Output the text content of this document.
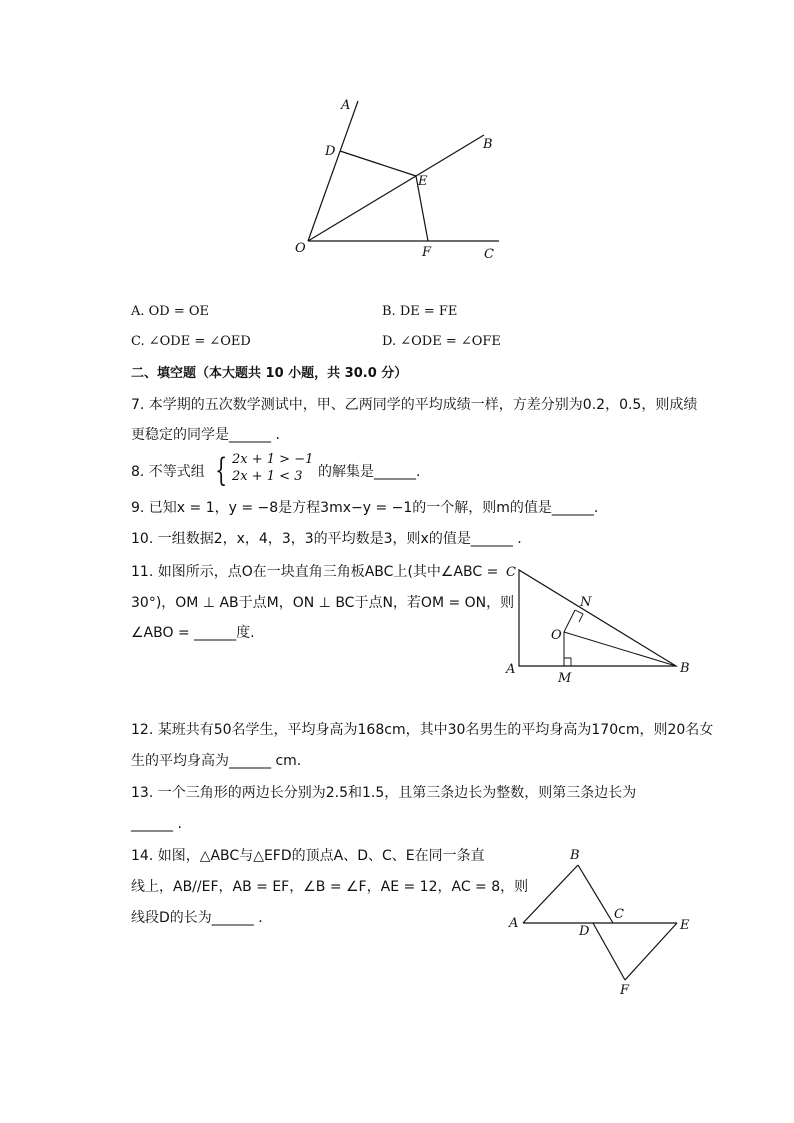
A
B
C
D
E
F
O
A. OD = OE	B. DE = FE
C. ∠ODE = ∠OED	D. ∠ODE = ∠OFE
二、填空题（本大题共 10 小题，共 30.0 分）
7. 本学期的五次数学测试中，甲、乙两同学的平均成绩一样，方差分别为0.2，0.5，则成绩
更稳定的同学是______ .
8. 不等式组 { 2x + 1 > −1
2x + 1 < 3 的解集是______.
9. 已知x = 1，y = −8是方程3mx−y = −1的一个解，则m的值是______.
10. 一组数据2，x，4，3，3的平均数是3，则x的值是______ .
11. 如图所示，点O在一块直角三角板ABC上(其中∠ABC =
30°)，OM ⊥ AB于点M，ON ⊥ BC于点N，若OM = ON，则
∠ABO = ______度.
C
A	B
N
O
M
12. 某班共有50名学生，平均身高为168cm，其中30名男生的平均身高为170cm，则20名女
生的平均身高为______ cm.
13. 一个三角形的两边长分别为2.5和1.5，且第三条边长为整数，则第三条边长为
______ .
14. 如图，△ABC与△EFD的顶点A、D、C、E在同一条直
线上，AB//EF，AB = EF，∠B = ∠F，AE = 12，AC = 8，则
线段D的长为______ .
B
A
C
D	E
F
